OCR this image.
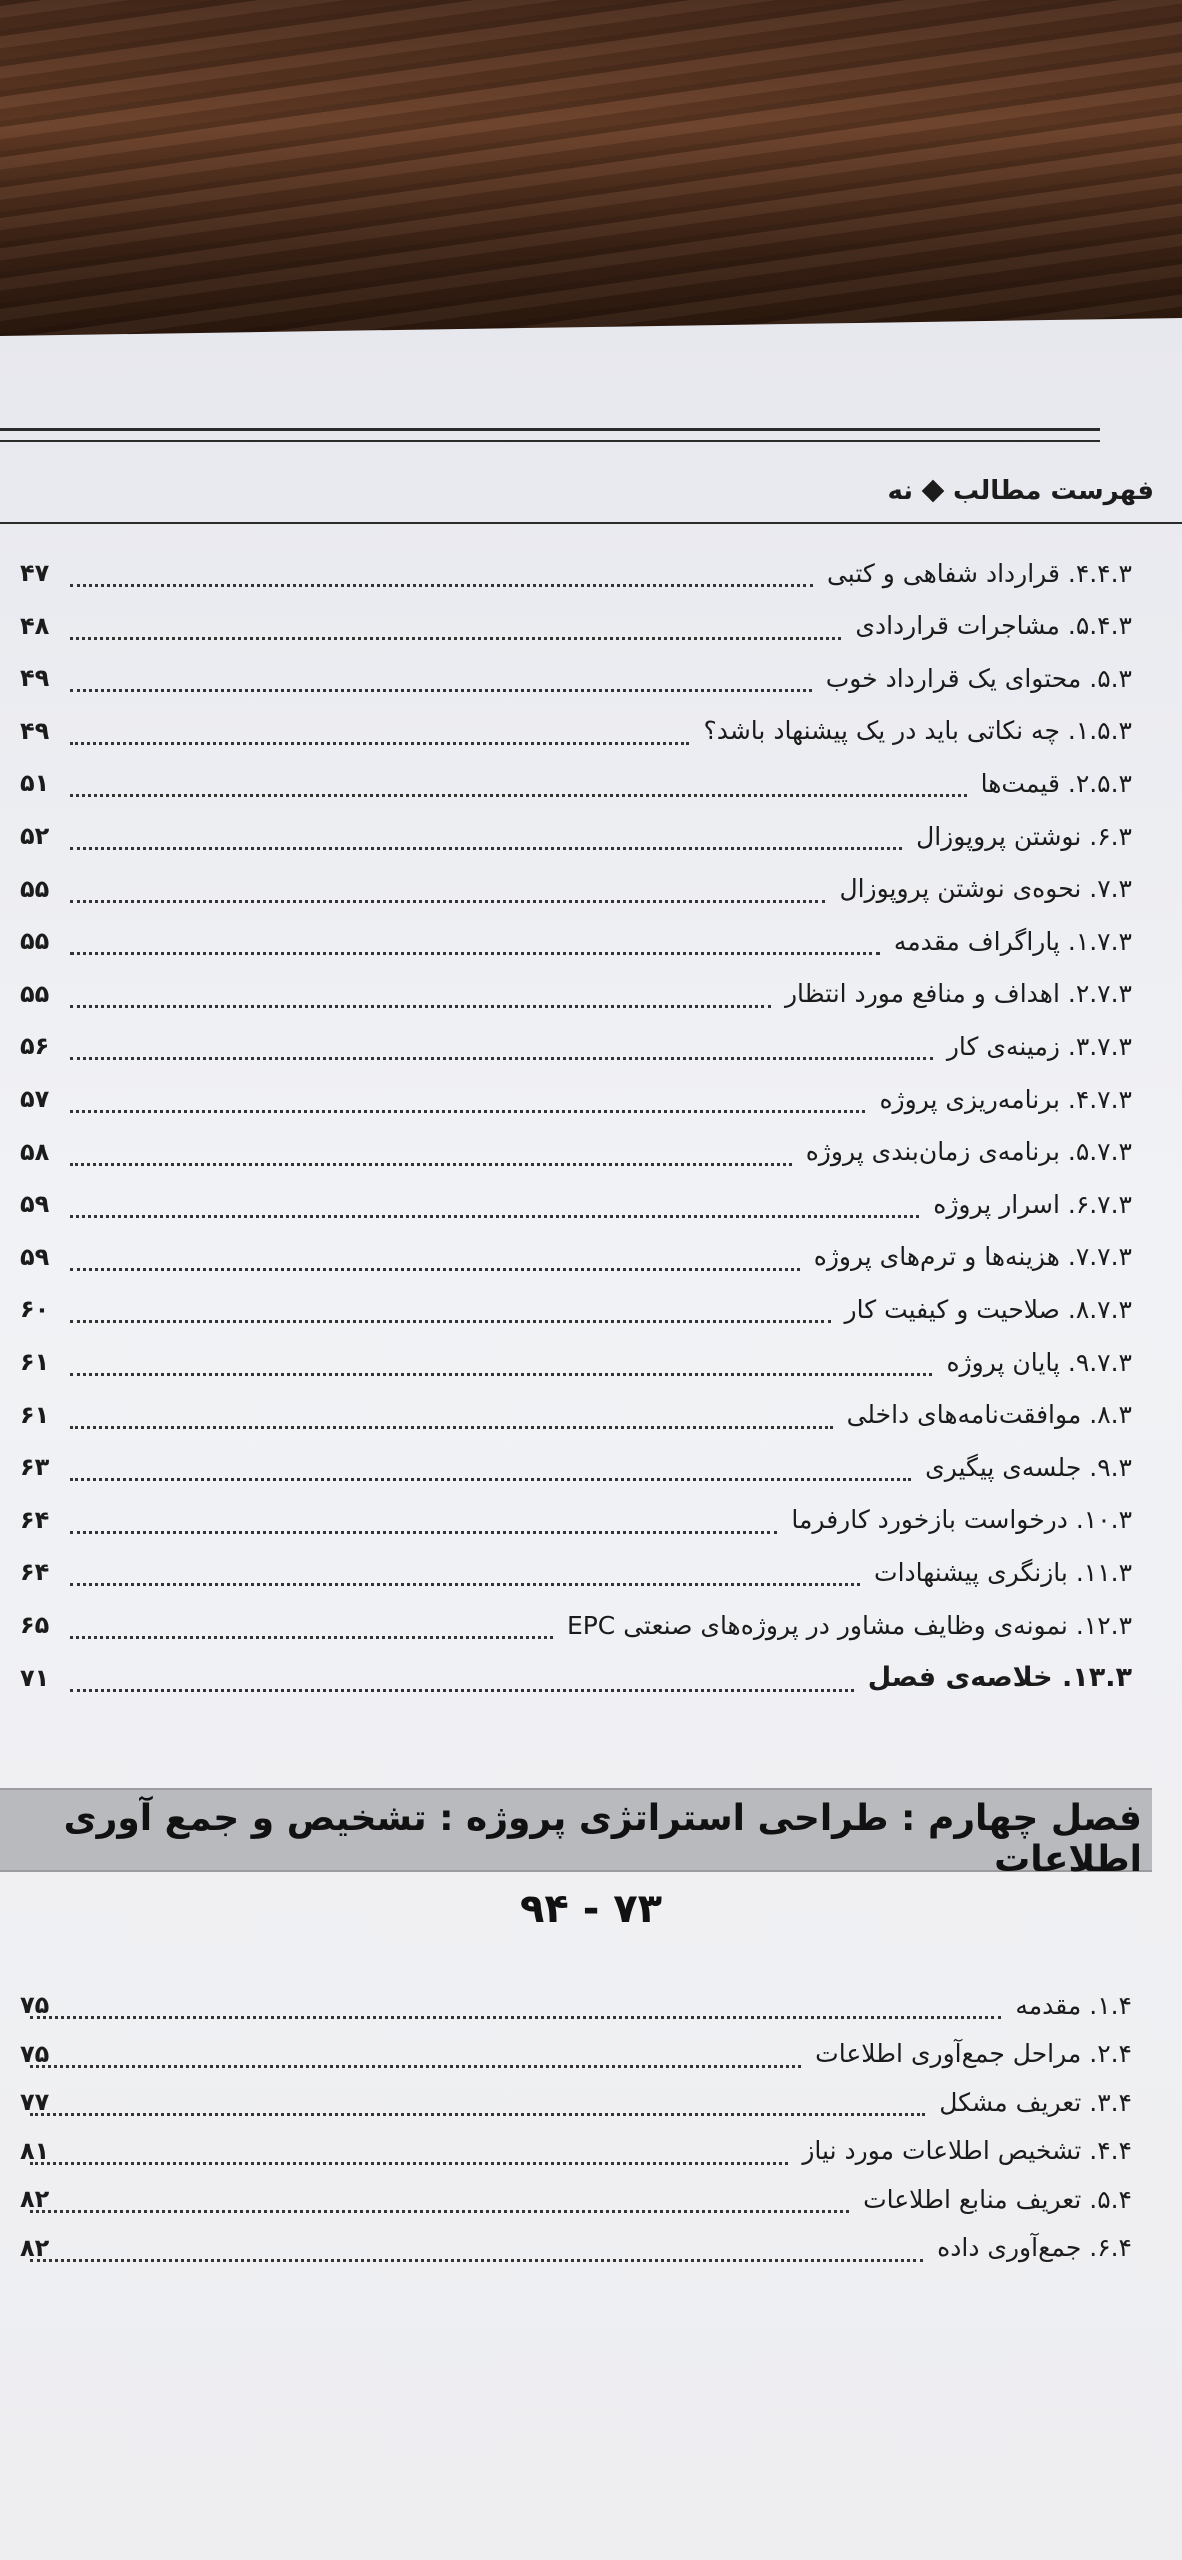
فهرست مطالب
نه
۴.۴.۳. قرارداد شفاهی و کتبی
۴۷
۵.۴.۳. مشاجرات قراردادی
۴۸
۵.۳. محتوای یک قرارداد خوب
۴۹
۱.۵.۳. چه نکاتی باید در یک پیشنهاد باشد؟
۴۹
۲.۵.۳. قیمت‌ها
۵۱
۶.۳. نوشتن پروپوزال
۵۲
۷.۳. نحوه‌ی نوشتن پروپوزال
۵۵
۱.۷.۳. پاراگراف مقدمه
۵۵
۲.۷.۳. اهداف و منافع مورد انتظار
۵۵
۳.۷.۳. زمینه‌ی کار
۵۶
۴.۷.۳. برنامه‌ریزی پروژه
۵۷
۵.۷.۳. برنامه‌ی زمان‌بندی پروژه
۵۸
۶.۷.۳. اسرار پروژه
۵۹
۷.۷.۳. هزینه‌ها و ترم‌های پروژه
۵۹
۸.۷.۳. صلاحیت و کیفیت کار
۶۰
۹.۷.۳. پایان پروژه
۶۱
۸.۳. موافقت‌نامه‌های داخلی
۶۱
۹.۳. جلسه‌ی پیگیری
۶۳
۱۰.۳. درخواست بازخورد کارفرما
۶۴
۱۱.۳. بازنگری پیشنهادات
۶۴
۱۲.۳. نمونه‌ی وظایف مشاور در پروژه‌های صنعتی EPC
۶۵
۱۳.۳. خلاصه‌ی فصل
۷۱
فصل چهارم : طراحی استراتژی پروژه : تشخیص و جمع آوری اطلاعات
۷۳ - ۹۴
۱.۴. مقدمه
۷۵
۲.۴. مراحل جمع‌آوری اطلاعات
۷۵
۳.۴. تعریف مشکل
۷۷
۴.۴. تشخیص اطلاعات مورد نیاز
۸۱
۵.۴. تعریف منابع اطلاعات
۸۲
۶.۴. جمع‌آوری داده
۸۲
